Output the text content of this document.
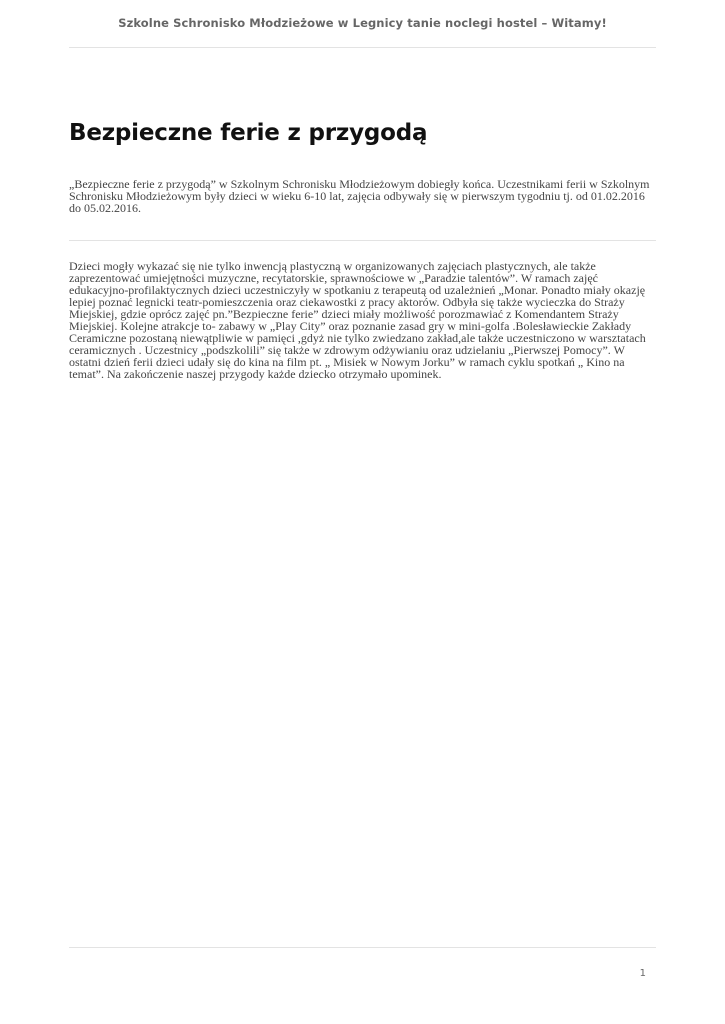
Szkolne Schronisko Młodzieżowe w Legnicy tanie noclegi hostel – Witamy!
Bezpieczne ferie z przygodą

„Bezpieczne ferie z przygodą” w Szkolnym Schronisku Młodzieżowym dobiegły końca. Uczestnikami ferii w Szkolnym Schronisku Młodzieżowym były dzieci w wieku 6-10 lat, zajęcia odbywały się w pierwszym tygodniu tj. od 01.02.2016 do 05.02.2016.

Dzieci mogły wykazać się nie tylko inwencją plastyczną w organizowanych zajęciach plastycznych, ale także zaprezentować umiejętności muzyczne, recytatorskie, sprawnościowe w „Paradzie talentów”. W ramach zajęć edukacyjno-profilaktycznych dzieci uczestniczyły w spotkaniu z terapeutą od uzależnień „Monar. Ponadto miały okazję lepiej poznać legnicki teatr-pomieszczenia oraz ciekawostki z pracy aktorów. Odbyła się także wycieczka do Straży Miejskiej, gdzie oprócz zajęć pn.”Bezpieczne ferie” dzieci miały możliwość porozmawiać z Komendantem Straży Miejskiej. Kolejne atrakcje to- zabawy w „Play City” oraz poznanie zasad gry w mini-golfa .Bolesławieckie Zakłady Ceramiczne pozostaną niewątpliwie w pamięci ,gdyż nie tylko zwiedzano zakład,ale także uczestniczono w warsztatach ceramicznych . Uczestnicy „podszkolili” się także w zdrowym odżywianiu oraz udzielaniu „Pierwszej Pomocy”. W ostatni dzień ferii dzieci udały się do kina na film pt. „ Misiek w Nowym Jorku” w ramach cyklu spotkań „ Kino na temat”. Na zakończenie naszej przygody każde dziecko otrzymało upominek.

1
